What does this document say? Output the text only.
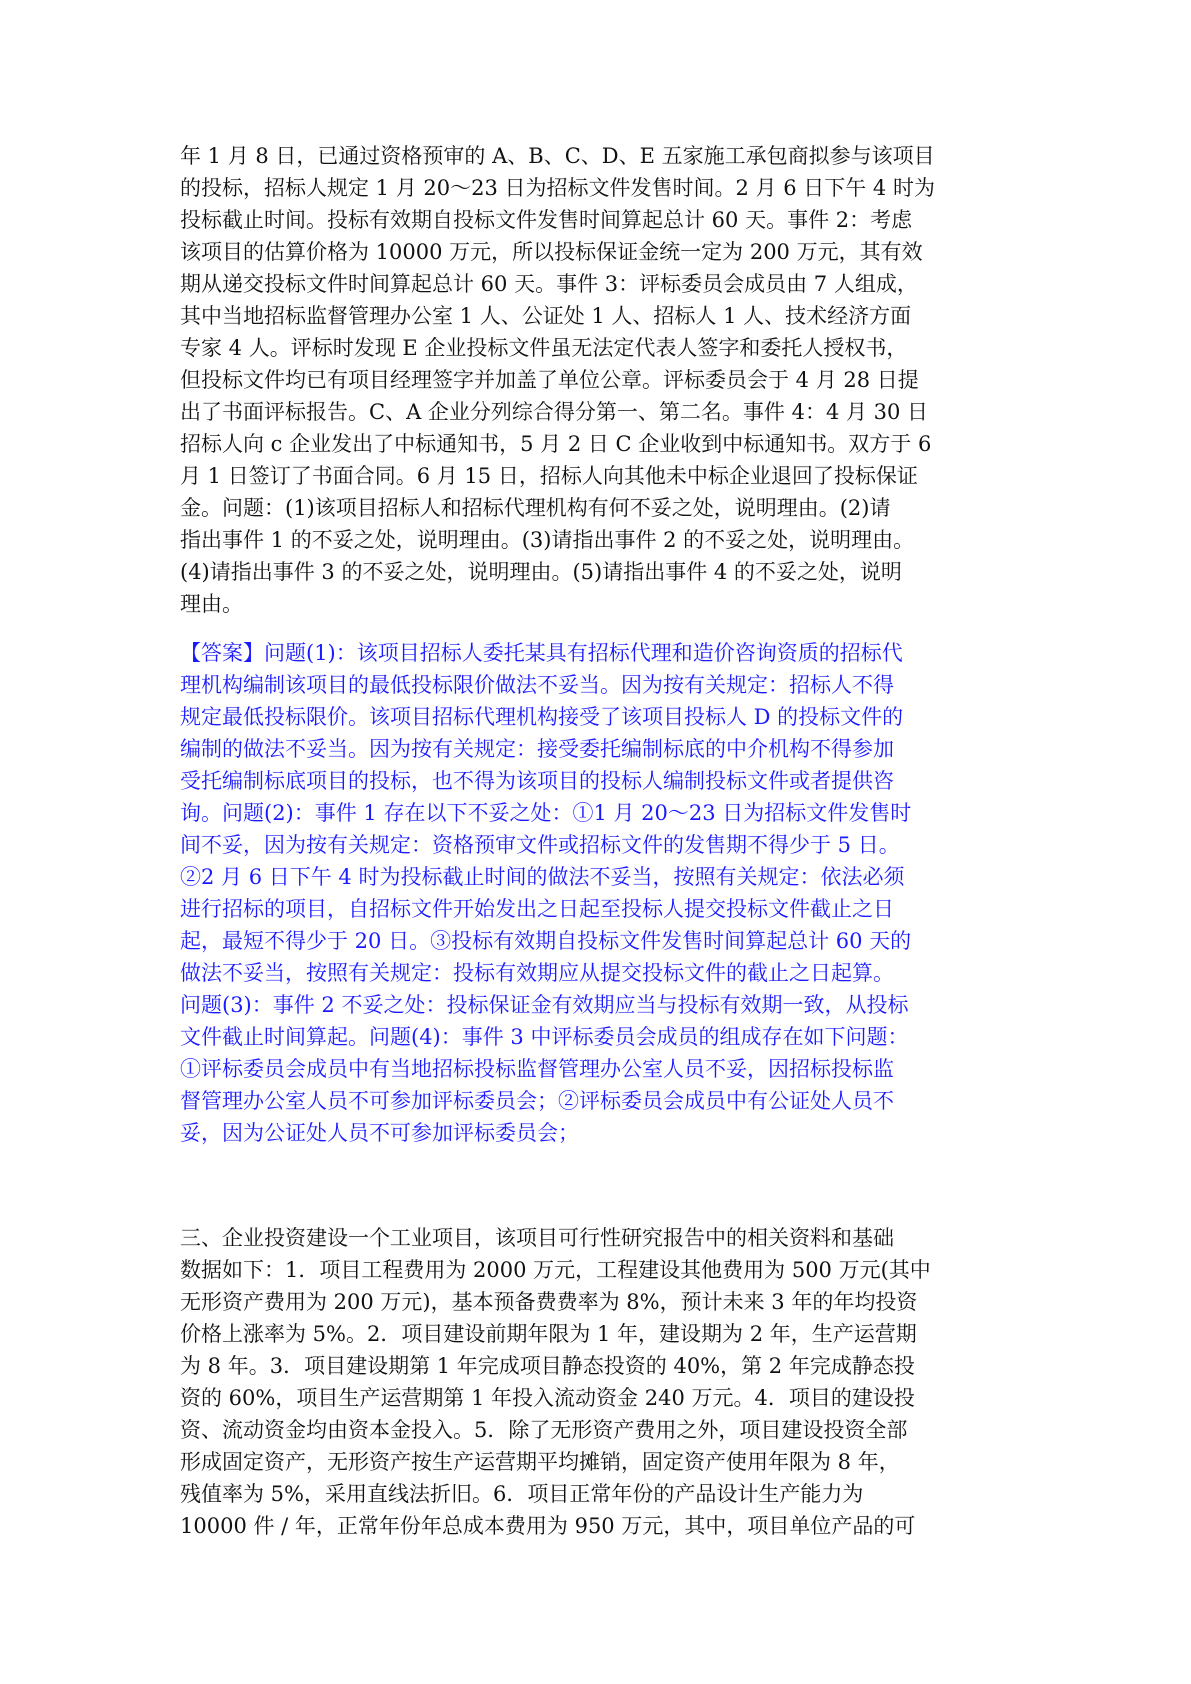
年 1 月 8 日，已通过资格预审的 A、B、C、D、E 五家施工承包商拟参与该项目
的投标，招标人规定 1 月 20～23 日为招标文件发售时间。2 月 6 日下午 4 时为
投标截止时间。投标有效期自投标文件发售时间算起总计 60 天。事件 2：考虑
该项目的估算价格为 10000 万元，所以投标保证金统一定为 200 万元，其有效
期从递交投标文件时间算起总计 60 天。事件 3：评标委员会成员由 7 人组成，
其中当地招标监督管理办公室 1 人、公证处 1 人、招标人 1 人、技术经济方面
专家 4 人。评标时发现 E 企业投标文件虽无法定代表人签字和委托人授权书，
但投标文件均已有项目经理签字并加盖了单位公章。评标委员会于 4 月 28 日提
出了书面评标报告。C、A 企业分列综合得分第一、第二名。事件 4：4 月 30 日
招标人向 c 企业发出了中标通知书，5 月 2 日 C 企业收到中标通知书。双方于 6
月 1 日签订了书面合同。6 月 15 日，招标人向其他未中标企业退回了投标保证
金。问题：(1)该项目招标人和招标代理机构有何不妥之处，说明理由。(2)请
指出事件 1 的不妥之处，说明理由。(3)请指出事件 2 的不妥之处，说明理由。
(4)请指出事件 3 的不妥之处，说明理由。(5)请指出事件 4 的不妥之处，说明
理由。
【答案】问题(1)：该项目招标人委托某具有招标代理和造价咨询资质的招标代
理机构编制该项目的最低投标限价做法不妥当。因为按有关规定：招标人不得
规定最低投标限价。该项目招标代理机构接受了该项目投标人 D 的投标文件的
编制的做法不妥当。因为按有关规定：接受委托编制标底的中介机构不得参加
受托编制标底项目的投标，也不得为该项目的投标人编制投标文件或者提供咨
询。问题(2)：事件 1 存在以下不妥之处：①1 月 20～23 日为招标文件发售时
间不妥，因为按有关规定：资格预审文件或招标文件的发售期不得少于 5 日。
②2 月 6 日下午 4 时为投标截止时间的做法不妥当，按照有关规定：依法必须
进行招标的项目，自招标文件开始发出之日起至投标人提交投标文件截止之日
起，最短不得少于 20 日。③投标有效期自投标文件发售时间算起总计 60 天的
做法不妥当，按照有关规定：投标有效期应从提交投标文件的截止之日起算。
问题(3)：事件 2 不妥之处：投标保证金有效期应当与投标有效期一致，从投标
文件截止时间算起。问题(4)：事件 3 中评标委员会成员的组成存在如下问题：
①评标委员会成员中有当地招标投标监督管理办公室人员不妥，因招标投标监
督管理办公室人员不可参加评标委员会；②评标委员会成员中有公证处人员不
妥，因为公证处人员不可参加评标委员会；
三、企业投资建设一个工业项目，该项目可行性研究报告中的相关资料和基础
数据如下：1．项目工程费用为 2000 万元，工程建设其他费用为 500 万元(其中
无形资产费用为 200 万元)，基本预备费费率为 8%，预计未来 3 年的年均投资
价格上涨率为 5%。2．项目建设前期年限为 1 年，建设期为 2 年，生产运营期
为 8 年。3．项目建设期第 1 年完成项目静态投资的 40%，第 2 年完成静态投
资的 60%，项目生产运营期第 1 年投入流动资金 240 万元。4．项目的建设投
资、流动资金均由资本金投入。5．除了无形资产费用之外，项目建设投资全部
形成固定资产，无形资产按生产运营期平均摊销，固定资产使用年限为 8 年，
残值率为 5%，采用直线法折旧。6．项目正常年份的产品设计生产能力为
10000 件 / 年，正常年份年总成本费用为 950 万元，其中，项目单位产品的可
